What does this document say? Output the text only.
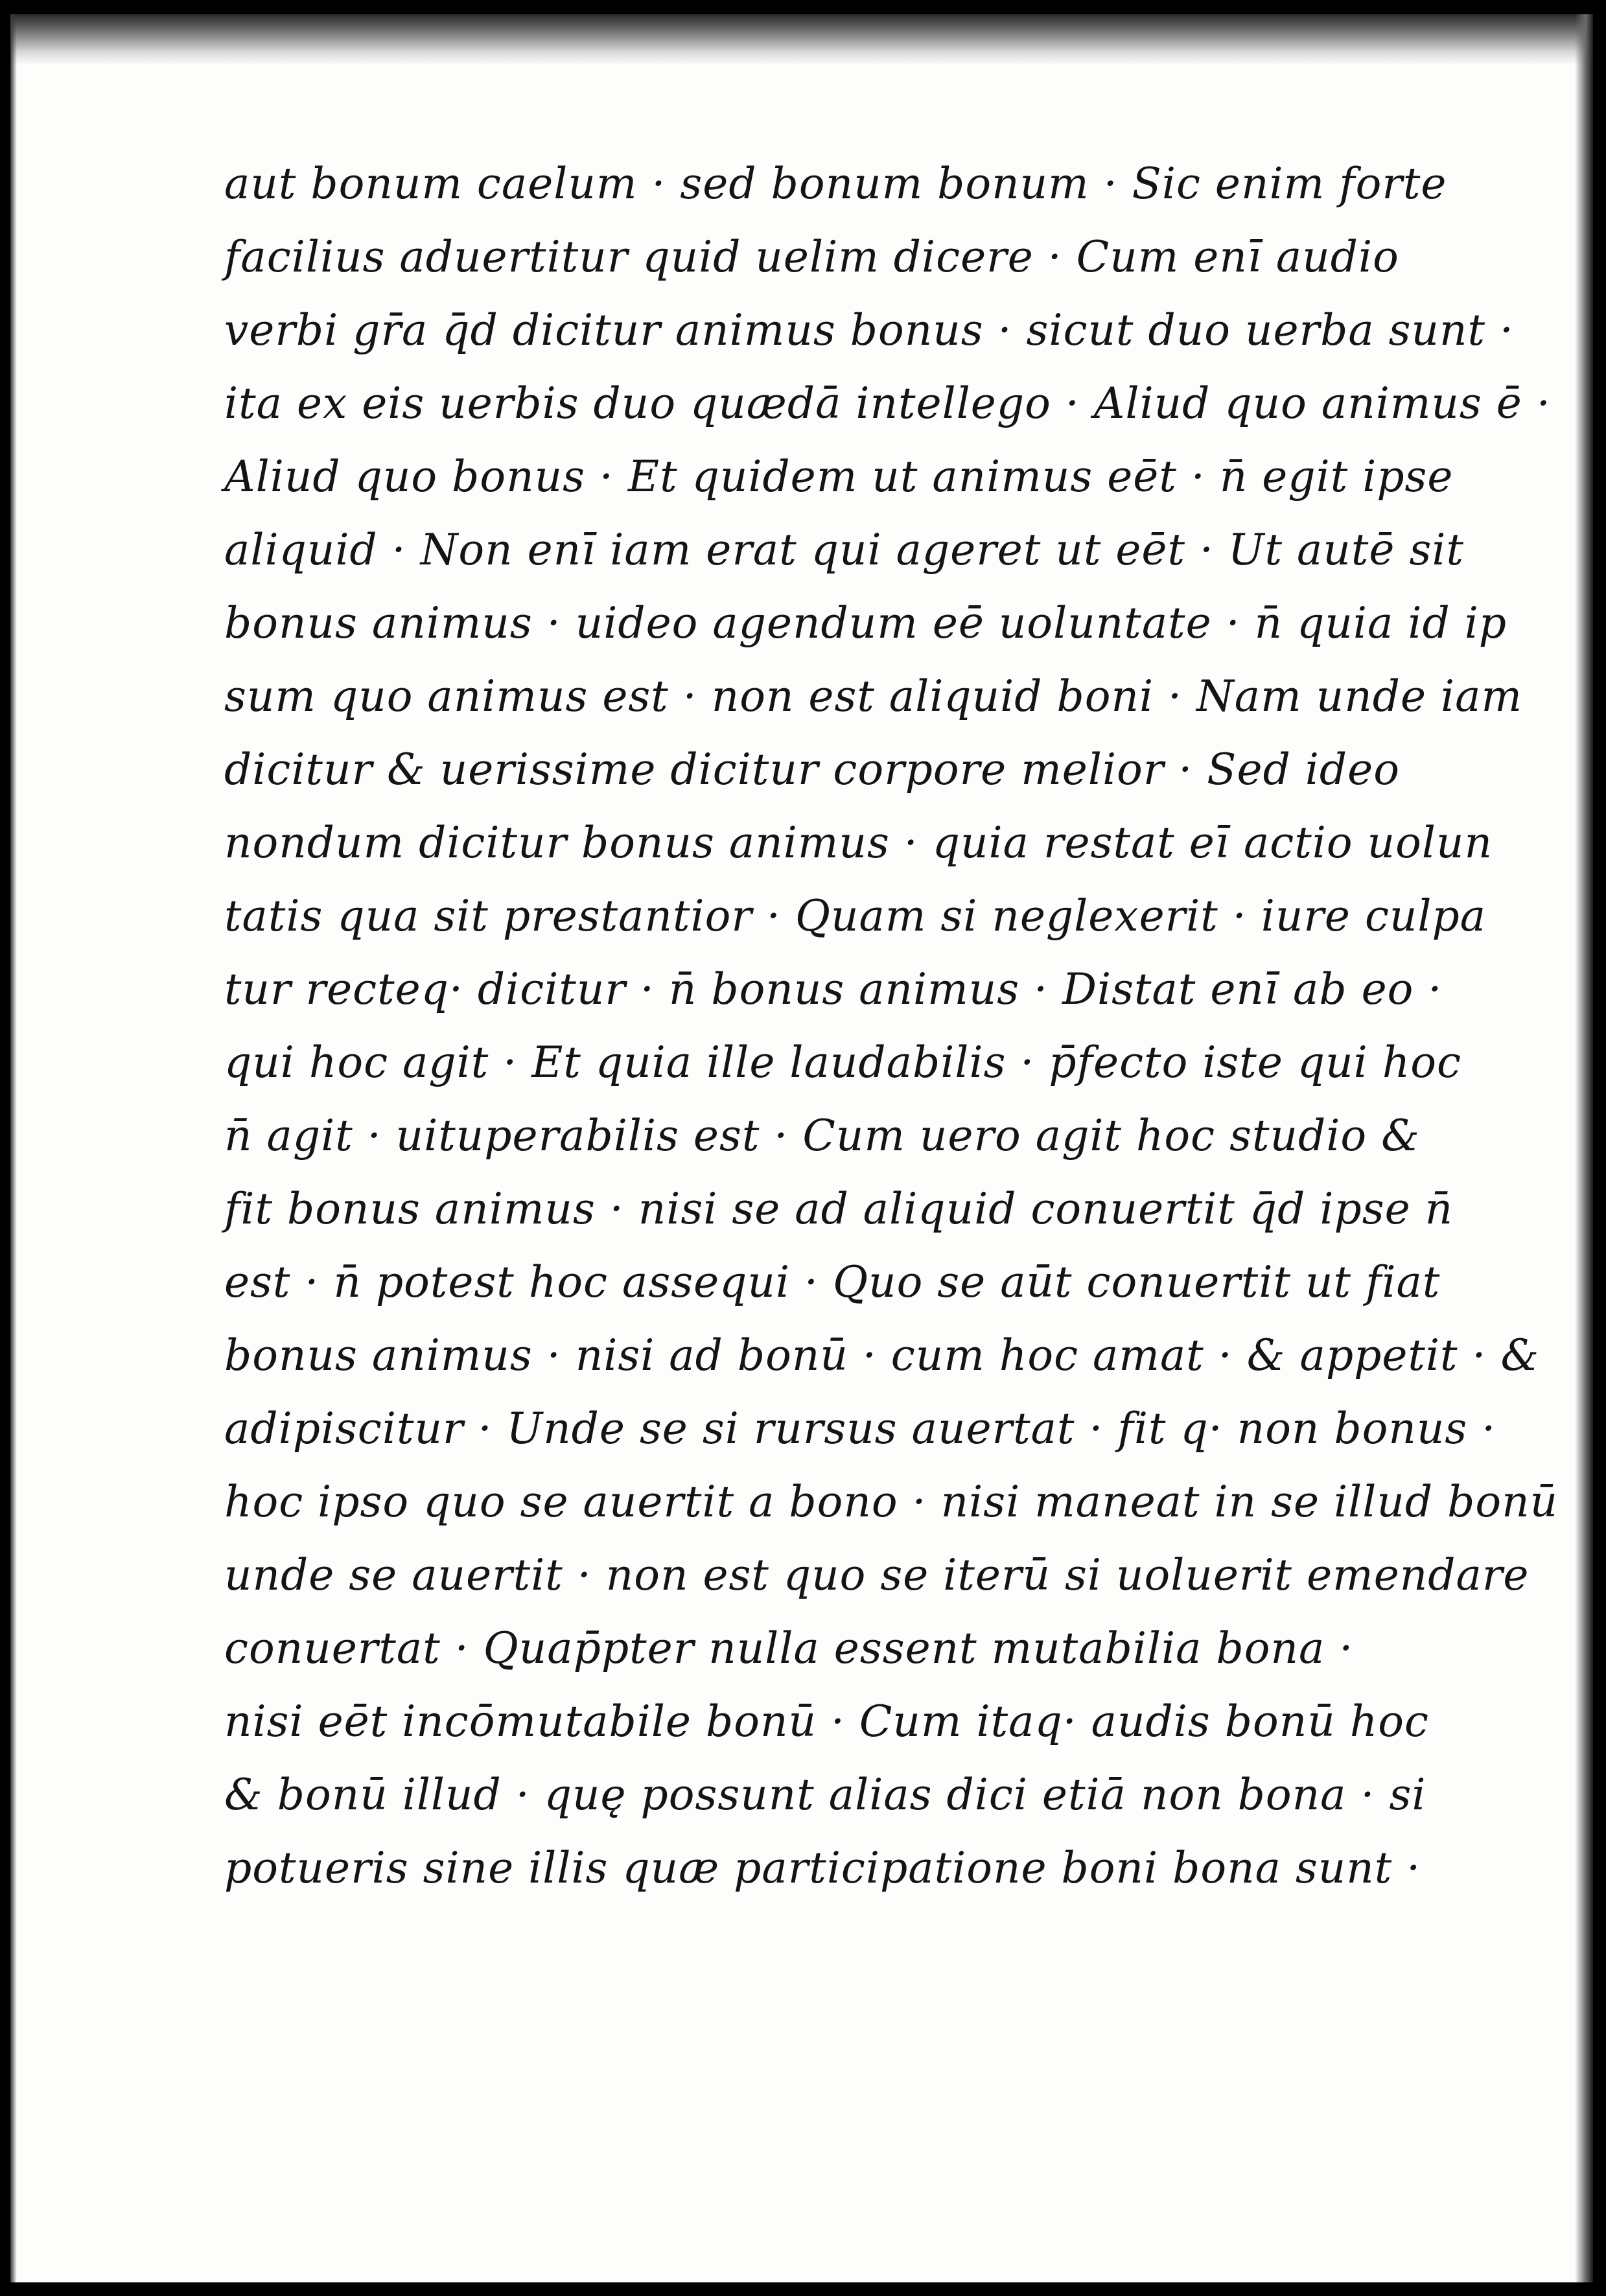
aut bonum caelum · sed bonum bonum · Sic enim forte
facilius aduertitur quid uelim dicere · Cum enī audio
verbi gr̄a q̄d dicitur animus bonus · sicut duo uerba sunt ·
ita ex eis uerbis duo quædā intellego · Aliud quo animus ē ·
Aliud quo bonus · Et quidem ut animus eēt · n̄ egit ipse
aliquid · Non enī iam erat qui ageret ut eēt · Ut autē sit
bonus animus · uideo agendum eē uoluntate · n̄ quia id ip
sum quo animus est · non est aliquid boni · Nam unde iam
dicitur & uerissime dicitur corpore melior · Sed ideo
nondum dicitur bonus animus · quia restat eī actio uolun
tatis qua sit prestantior · Quam si neglexerit · iure culpa
tur recteq· dicitur · n̄ bonus animus · Distat enī ab eo ·
qui hoc agit · Et quia ille laudabilis · p̄fecto iste qui hoc
n̄ agit · uituperabilis est · Cum uero agit hoc studio &
fit bonus animus · nisi se ad aliquid conuertit q̄d ipse n̄
est · n̄ potest hoc assequi · Quo se aūt conuertit ut fiat
bonus animus · nisi ad bonū · cum hoc amat · & appetit · &
adipiscitur · Unde se si rursus auertat · fit q· non bonus ·
hoc ipso quo se auertit a bono · nisi maneat in se illud bonū
unde se auertit · non est quo se iterū si uoluerit emendare
conuertat · Quap̄pter nulla essent mutabilia bona ·
nisi eēt incōmutabile bonū · Cum itaq· audis bonū hoc
& bonū illud · quę possunt alias dici etiā non bona · si
potueris sine illis quæ participatione boni bona sunt ·
